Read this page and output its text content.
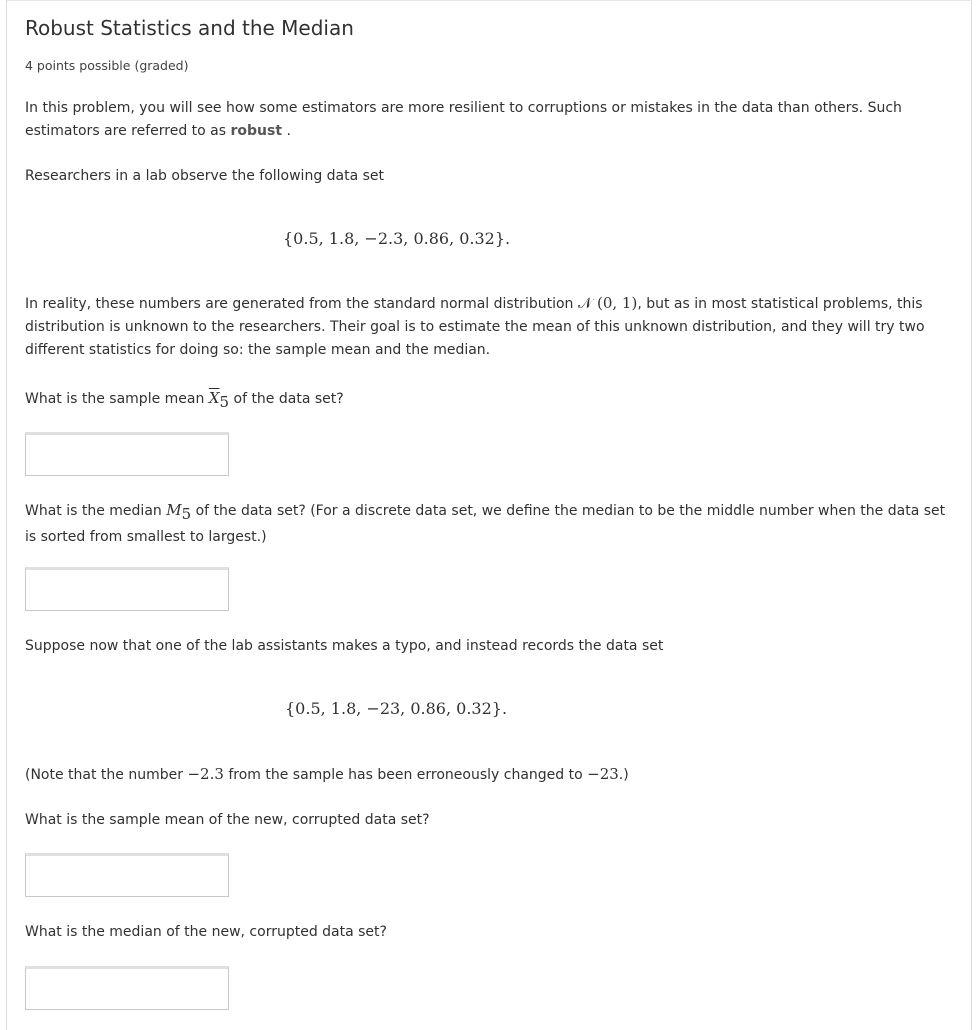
Robust Statistics and the Median
4 points possible (graded)

In this problem, you will see how some estimators are more resilient to corruptions or mistakes in the data than others. Such estimators are referred to as robust .

Researchers in a lab observe the following data set

{0.5, 1.8, −2.3, 0.86, 0.32}.

In reality, these numbers are generated from the standard normal distribution 𝒩 (0, 1), but as in most statistical problems, this distribution is unknown to the researchers. Their goal is to estimate the mean of this unknown distribution, and they will try two different statistics for doing so: the sample mean and the median.

What is the sample mean $\overline{X}_5$ of the data set?

What is the median $M_5$ of the data set? (For a discrete data set, we define the median to be the middle number when the data set is sorted from smallest to largest.)

Suppose now that one of the lab assistants makes a typo, and instead records the data set

{0.5, 1.8, −23, 0.86, 0.32}.

(Note that the number −2.3 from the sample has been erroneously changed to −23.)

What is the sample mean of the new, corrupted data set?

What is the median of the new, corrupted data set?
